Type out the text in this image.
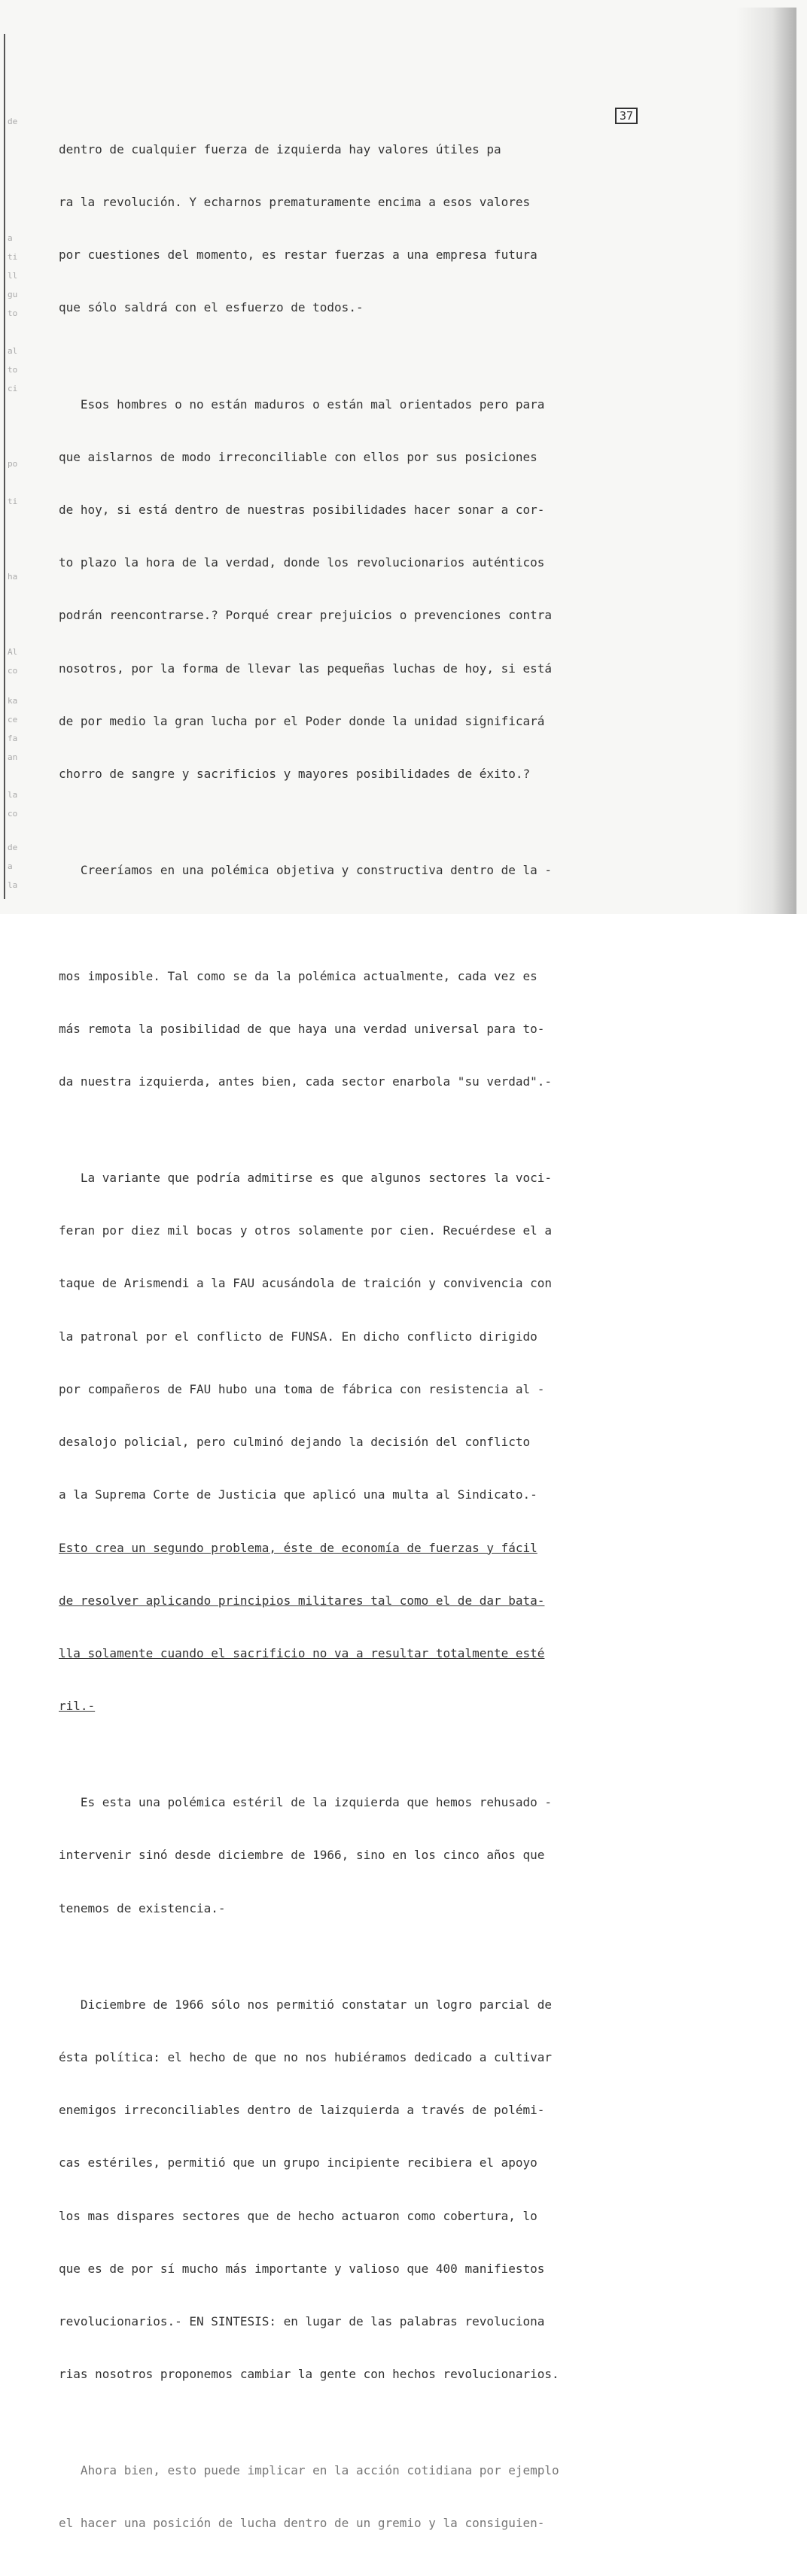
de
a
ti
ll
gu
to
al
to
ci
po
ti
ha
Al
co
ka
ce
fa
an
la
co
de
a
la
37

dentro de cualquier fuerza de izquierda hay valores útiles pa

ra la revolución. Y echarnos prematuramente encima a esos valores

por cuestiones del momento, es restar fuerzas a una empresa futura

que sólo saldrá con el esfuerzo de todos.-

Esos hombres o no están maduros o están mal orientados pero para

que aislarnos de modo irreconciliable con ellos por sus posiciones

de hoy, si está dentro de nuestras posibilidades hacer sonar a cor-

to plazo la hora de la verdad, donde los revolucionarios auténticos

podrán reencontrarse.? Porqué crear prejuicios o prevenciones contra

nosotros, por la forma de llevar las pequeñas luchas de hoy, si está

de por medio la gran lucha por el Poder donde la unidad significará

chorro de sangre y sacrificios y mayores posibilidades de éxito.?

Creeríamos en una polémica objetiva y constructiva dentro de la -

mos imposible. Tal como se da la polémica actualmente, cada vez es

más remota la posibilidad de que haya una verdad universal para to-

da nuestra izquierda, antes bien, cada sector enarbola "su verdad".-

La variante que podría admitirse es que algunos sectores la voci-

feran por diez mil bocas y otros solamente por cien. Recuérdese el a

taque de Arismendi a la FAU acusándola de traición y convivencia con

la patronal por el conflicto de FUNSA. En dicho conflicto dirigido

por compañeros de FAU hubo una toma de fábrica con resistencia al -

desalojo policial, pero culminó dejando la decisión del conflicto

a la Suprema Corte de Justicia que aplicó una multa al Sindicato.-

Esto crea un segundo problema, éste de economía de fuerzas y fácil

de resolver aplicando principios militares tal como el de dar bata-

lla solamente cuando el sacrificio no va a resultar totalmente esté

ril.-

Es esta una polémica estéril de la izquierda que hemos rehusado -

intervenir sinó desde diciembre de 1966, sino en los cinco años que

tenemos de existencia.-

Diciembre de 1966 sólo nos permitió constatar un logro parcial de

ésta política: el hecho de que no nos hubiéramos dedicado a cultivar

enemigos irreconciliables dentro de laizquierda a través de polémi-

cas estériles, permitió que un grupo incipiente recibiera el apoyo

los mas dispares sectores que de hecho actuaron como cobertura, lo

que es de por sí mucho más importante y valioso que 400 manifiestos

revolucionarios.- EN SINTESIS: en lugar de las palabras revoluciona

rias nosotros proponemos cambiar la gente con hechos revolucionarios.

Ahora bien, esto puede implicar en la acción cotidiana por ejemplo

el hacer una posición de lucha dentro de un gremio y la consiguien-
